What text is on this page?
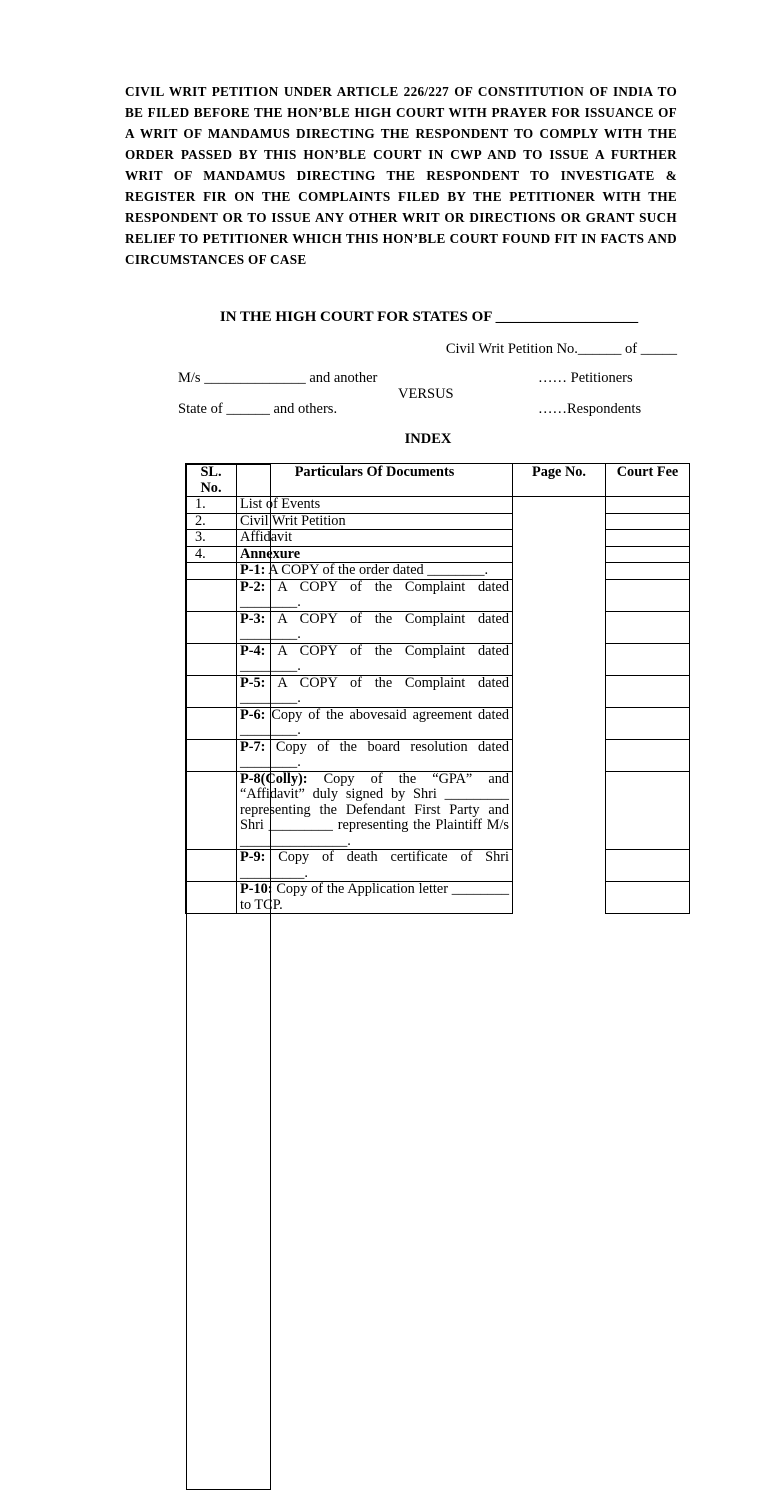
CIVIL WRIT PETITION UNDER ARTICLE 226/227 OF CONSTITUTION OF INDIA TO BE FILED BEFORE THE HON’BLE HIGH COURT WITH PRAYER FOR ISSUANCE OF A WRIT OF MANDAMUS DIRECTING THE RESPONDENT TO COMPLY WITH THE ORDER PASSED BY THIS HON’BLE COURT IN CWP AND TO ISSUE A FURTHER WRIT OF MANDAMUS DIRECTING THE RESPONDENT TO INVESTIGATE & REGISTER FIR ON THE COMPLAINTS FILED BY THE PETITIONER WITH THE RESPONDENT OR TO ISSUE ANY OTHER WRIT OR DIRECTIONS OR GRANT SUCH RELIEF TO PETITIONER WHICH THIS HON’BLE COURT FOUND FIT IN FACTS AND CIRCUMSTANCES OF CASE
IN THE HIGH COURT FOR STATES OF ___________________
Civil Writ Petition No.______ of _____
M/s ______________ and another	…… Petitioners
VERSUS
State of ______ and others.	……Respondents
INDEX
SL. No.	Particulars Of Documents	Page No.	Court Fee
1.	List of Events	

2.	Civil Writ Petition	

3.	Affidavit	

4.	Annexure	

	P-1: A COPY of the order dated ________.	

	P-2: A COPY of the Complaint dated ________.	

	P-3: A COPY of the Complaint dated ________.	

	P-4: A COPY of the Complaint dated ________.	

	P-5: A COPY of the Complaint dated ________.	

	P-6: Copy of the abovesaid agreement dated ________.	

	P-7: Copy of the board resolution dated ________.	

	P-8(Colly): Copy of the “GPA” and “Affidavit” duly signed by Shri _________ representing the Defendant First Party and Shri _________ representing the Plaintiff M/s _______________.	

	P-9: Copy of death certificate of Shri _________.	

	P-10: Copy of the Application letter ________ to TCP.	
